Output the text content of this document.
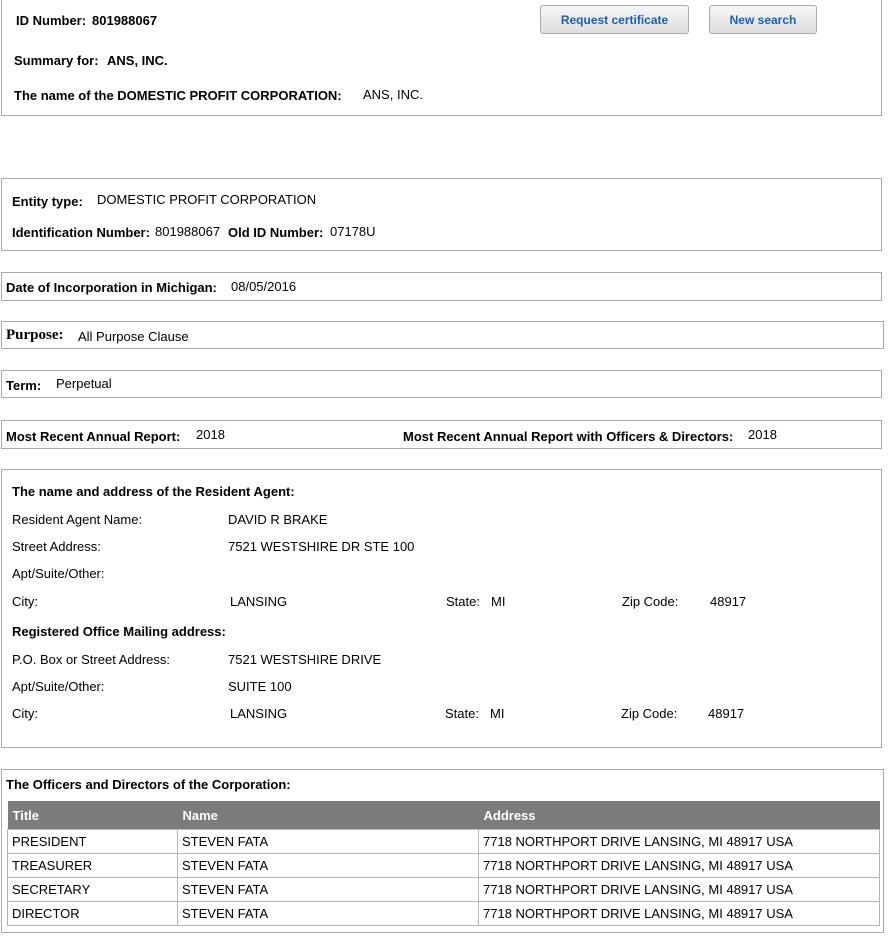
ID Number: 801988067	Request certificate	New search
Summary for: ANS, INC.
The name of the DOMESTIC PROFIT CORPORATION: ANS, INC.
Entity type: DOMESTIC PROFIT CORPORATION
Identification Number: 801988067 Old ID Number: 07178U
Date of Incorporation in Michigan: 08/05/2016
Purpose: All Purpose Clause
Term: Perpetual
Most Recent Annual Report: 2018	Most Recent Annual Report with Officers & Directors: 2018
The name and address of the Resident Agent:
Resident Agent Name:	DAVID R BRAKE
Street Address:	7521 WESTSHIRE DR STE 100
Apt/Suite/Other:
City:	LANSING	State: MI	Zip Code: 48917
Registered Office Mailing address:
P.O. Box or Street Address:	7521 WESTSHIRE DRIVE
Apt/Suite/Other:	SUITE 100
City:	LANSING	State: MI	Zip Code: 48917
The Officers and Directors of the Corporation:
Title	Name	Address
PRESIDENT	STEVEN FATA	7718 NORTHPORT DRIVE LANSING, MI 48917 USA
TREASURER	STEVEN FATA	7718 NORTHPORT DRIVE LANSING, MI 48917 USA
SECRETARY	STEVEN FATA	7718 NORTHPORT DRIVE LANSING, MI 48917 USA
DIRECTOR	STEVEN FATA	7718 NORTHPORT DRIVE LANSING, MI 48917 USA
